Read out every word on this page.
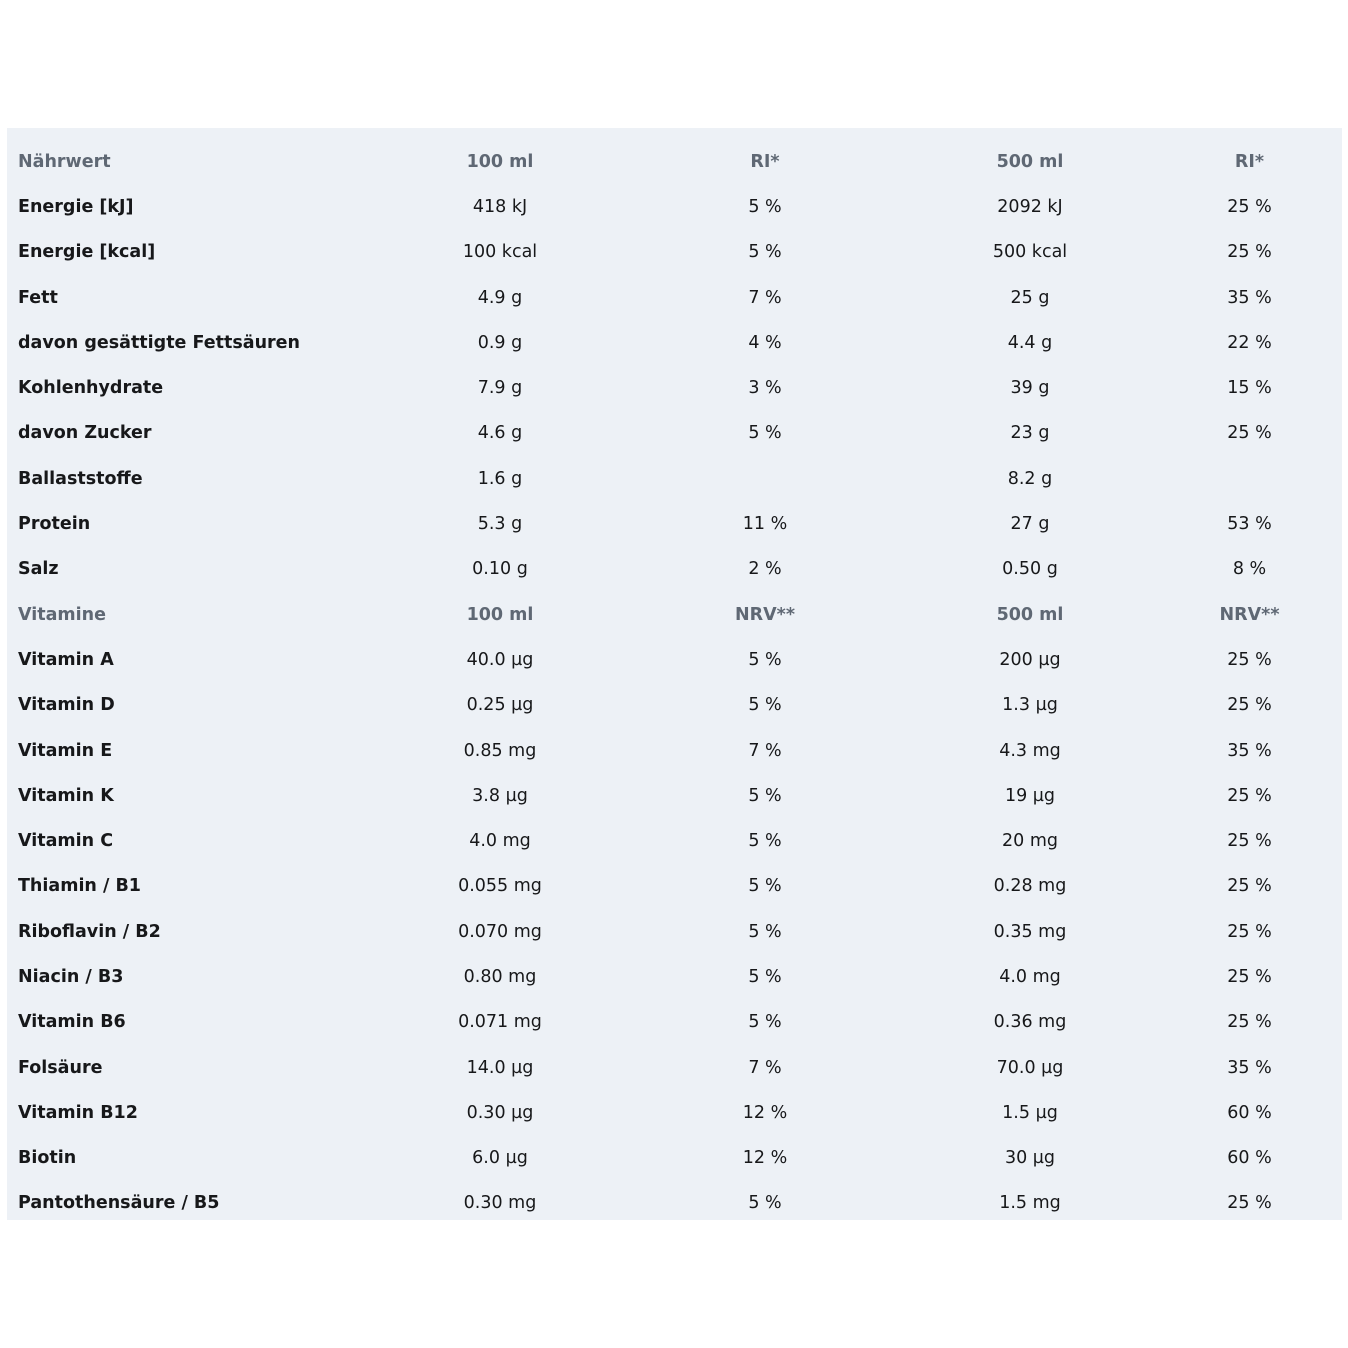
Nährwert	100 ml	RI*	500 ml	RI*
Energie [kJ]	418 kJ	5 %	2092 kJ	25 %
Energie [kcal]	100 kcal	5 %	500 kcal	25 %
Fett	4.9 g	7 %	25 g	35 %
davon gesättigte Fettsäuren	0.9 g	4 %	4.4 g	22 %
Kohlenhydrate	7.9 g	3 %	39 g	15 %
davon Zucker	4.6 g	5 %	23 g	25 %
Ballaststoffe	1.6 g		8.2 g	
Protein	5.3 g	11 %	27 g	53 %
Salz	0.10 g	2 %	0.50 g	8 %
Vitamine	100 ml	NRV**	500 ml	NRV**
Vitamin A	40.0 µg	5 %	200 µg	25 %
Vitamin D	0.25 µg	5 %	1.3 µg	25 %
Vitamin E	0.85 mg	7 %	4.3 mg	35 %
Vitamin K	3.8 µg	5 %	19 µg	25 %
Vitamin C	4.0 mg	5 %	20 mg	25 %
Thiamin / B1	0.055 mg	5 %	0.28 mg	25 %
Riboflavin / B2	0.070 mg	5 %	0.35 mg	25 %
Niacin / B3	0.80 mg	5 %	4.0 mg	25 %
Vitamin B6	0.071 mg	5 %	0.36 mg	25 %
Folsäure	14.0 µg	7 %	70.0 µg	35 %
Vitamin B12	0.30 µg	12 %	1.5 µg	60 %
Biotin	6.0 µg	12 %	30 µg	60 %
Pantothensäure / B5	0.30 mg	5 %	1.5 mg	25 %
